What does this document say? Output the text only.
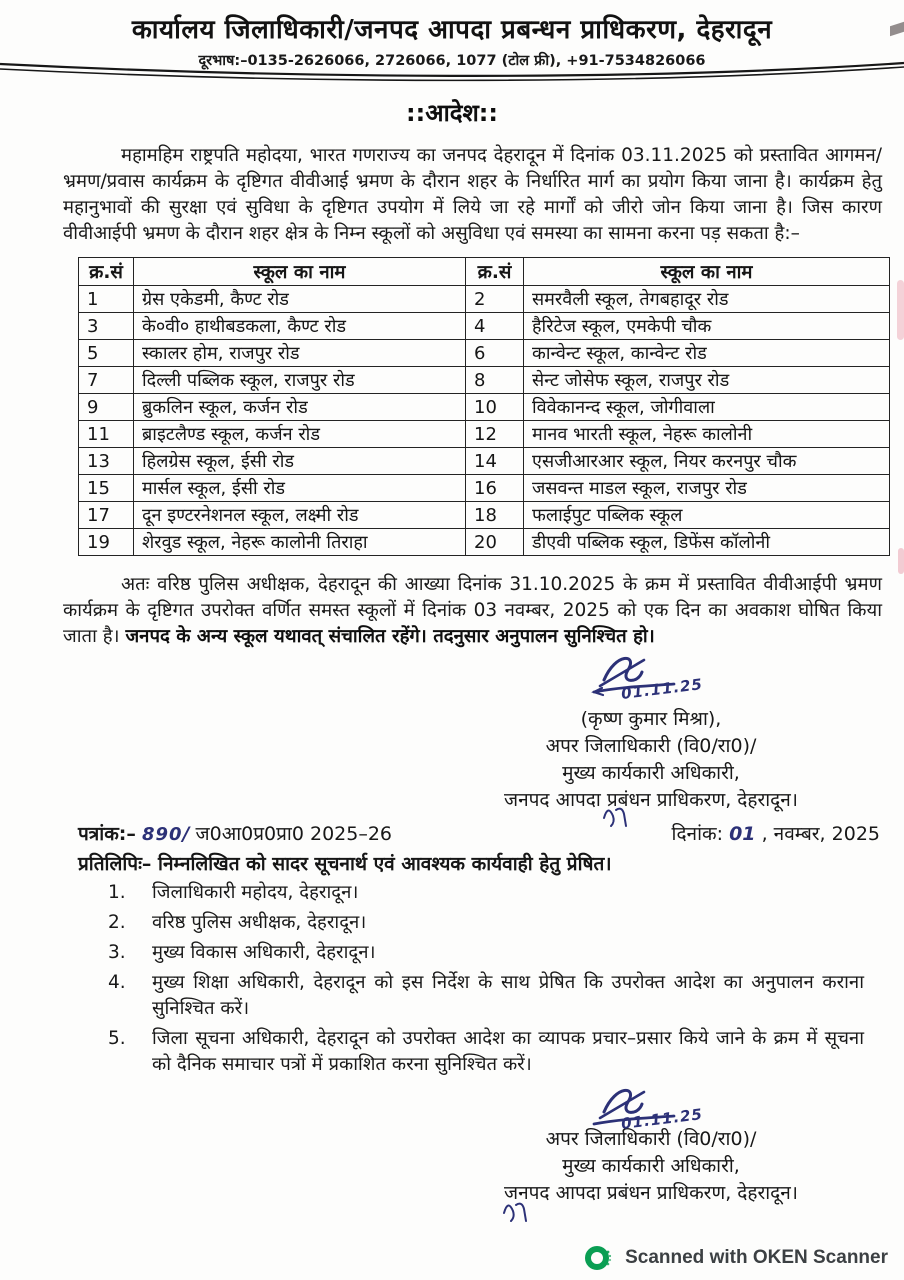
कार्यालय जिलाधिकारी/जनपद आपदा प्रबन्धन प्राधिकरण, देहरादून
दूरभाष:–0135-2626066, 2726066, 1077 (टोल फ्री), +91-7534826066
::आदेश::

महामहिम राष्ट्रपति महोदया, भारत गणराज्य का जनपद देहरादून में दिनांक 03.11.2025 को प्रस्तावित आगमन/भ्रमण/प्रवास कार्यक्रम के दृष्टिगत वीवीआई भ्रमण के दौरान शहर के निर्धारित मार्ग का प्रयोग किया जाना है। कार्यक्रम हेतु महानुभावों की सुरक्षा एवं सुविधा के दृष्टिगत उपयोग में लिये जा रहे मार्गों को जीरो जोन किया जाना है। जिस कारण वीवीआईपी भ्रमण के दौरान शहर क्षेत्र के निम्न स्कूलों को असुविधा एवं समस्या का सामना करना पड़ सकता है:–

क्र.सं	स्कूल का नाम	क्र.सं	स्कूल का नाम
1	ग्रेस एकेडमी, कैण्ट रोड	2	समरवैली स्कूल, तेगबहादूर रोड
3	के०वी० हाथीबडकला, कैण्ट रोड	4	हैरिटेज स्कूल, एमकेपी चौक
5	स्कालर होम, राजपुर रोड	6	कान्वेन्ट स्कूल, कान्वेन्ट रोड
7	दिल्ली पब्लिक स्कूल, राजपुर रोड	8	सेन्ट जोसेफ स्कूल, राजपुर रोड
9	ब्रुकलिन स्कूल, कर्जन रोड	10	विवेकानन्द स्कूल, जोगीवाला
11	ब्राइटलैण्ड स्कूल, कर्जन रोड	12	मानव भारती स्कूल, नेहरू कालोनी
13	हिलग्रेस स्कूल, ईसी रोड	14	एसजीआरआर स्कूल, नियर करनपुर चौक
15	मार्सल स्कूल, ईसी रोड	16	जसवन्त माडल स्कूल, राजपुर रोड
17	दून इण्टरनेशनल स्कूल, लक्ष्मी रोड	18	फलाईपुट पब्लिक स्कूल
19	शेरवुड स्कूल, नेहरू कालोनी तिराहा	20	डीएवी पब्लिक स्कूल, डिफेंस कॉलोनी

अतः वरिष्ठ पुलिस अधीक्षक, देहरादून की आख्या दिनांक 31.10.2025 के क्रम में प्रस्तावित वीवीआईपी भ्रमण कार्यक्रम के दृष्टिगत उपरोक्त वर्णित समस्त स्कूलों में दिनांक 03 नवम्बर, 2025 को एक दिन का अवकाश घोषित किया जाता है। जनपद के अन्य स्कूल यथावत् संचालित रहेंगे। तदनुसार अनुपालन सुनिश्चित हो।

01.11.25
(कृष्ण कुमार मिश्रा),
अपर जिलाधिकारी (वि0/रा0)/
मुख्य कार्यकारी अधिकारी,
जनपद आपदा प्रबंधन प्राधिकरण, देहरादून।
पत्रांक:– 890/ ज0आ0प्र0प्रा0 2025–26	दिनांक: 01 , नवम्बर, 2025
प्रतिलिपिः– निम्नलिखित को सादर सूचनार्थ एवं आवश्यक कार्यवाही हेतु प्रेषित।
1.	जिलाधिकारी महोदय, देहरादून।
2.	वरिष्ठ पुलिस अधीक्षक, देहरादून।
3.	मुख्य विकास अधिकारी, देहरादून।
4.	मुख्य शिक्षा अधिकारी, देहरादून को इस निर्देश के साथ प्रेषित कि उपरोक्त आदेश का अनुपालन कराना सुनिश्चित करें।
5.	जिला सूचना अधिकारी, देहरादून को उपरोक्त आदेश का व्यापक प्रचार–प्रसार किये जाने के क्रम में सूचना को दैनिक समाचार पत्रों में प्रकाशित करना सुनिश्चित करें।
01.11.25
अपर जिलाधिकारी (वि0/रा0)/
मुख्य कार्यकारी अधिकारी,
जनपद आपदा प्रबंधन प्राधिकरण, देहरादून।
Scanned with OKEN Scanner
